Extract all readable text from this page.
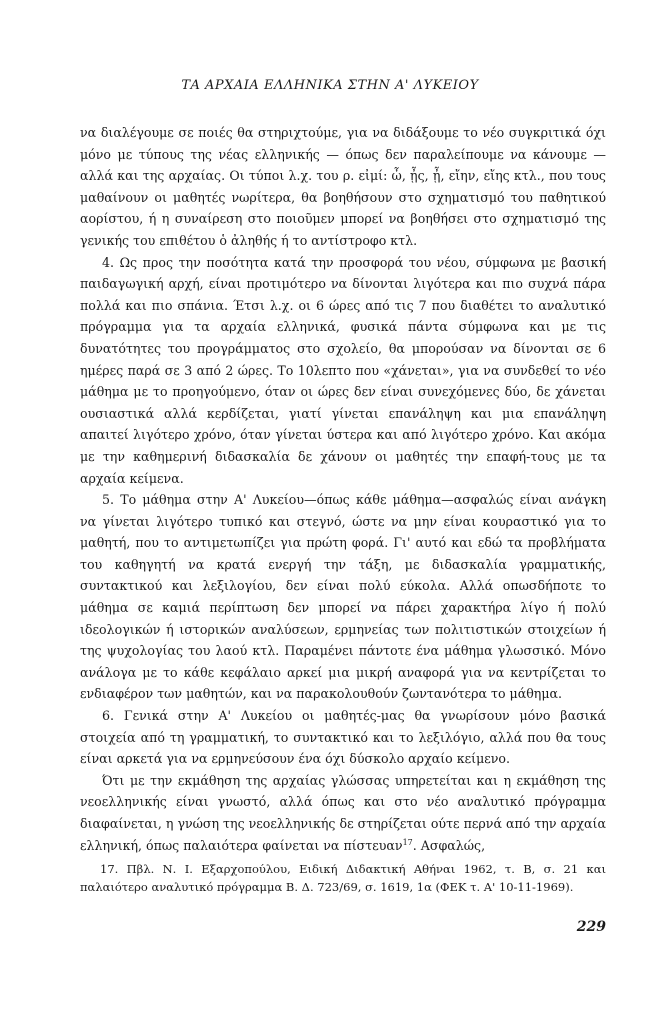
ΤΑ ΑΡΧΑΙΑ ΕΛΛΗΝΙΚΑ ΣΤΗΝ Α' ΛΥΚΕΙΟΥ

να διαλέγουμε σε ποιές θα στηριχτούμε, για να διδάξουμε το νέο συγκριτικά όχι μόνο με τύπους της νέας ελληνικής — όπως δεν παραλείπουμε να κάνουμε — αλλά και της αρχαίας. Οι τύποι λ.χ. του ρ. εἰμί: ὦ, ᾖς, ᾖ, εἴην, εἴης κτλ., που τους μαθαίνουν οι μαθητές νωρίτερα, θα βοηθήσουν στο σχηματισμό του παθητικού αορίστου, ή η συναίρεση στο ποιοῦμεν μπορεί να βοηθήσει στο σχηματισμό της γενικής του επιθέτου ὁ ἀληθής ή το αντίστροφο κτλ.

4. Ως προς την ποσότητα κατά την προσφορά του νέου, σύμφωνα με βασική παιδαγωγική αρχή, είναι προτιμότερο να δίνονται λιγότερα και πιο συχνά πάρα πολλά και πιο σπάνια. Έτσι λ.χ. οι 6 ώρες από τις 7 που διαθέτει το αναλυτικό πρόγραμμα για τα αρχαία ελληνικά, φυσικά πάντα σύμφωνα και με τις δυνατότητες του προγράμματος στο σχολείο, θα μπορούσαν να δίνονται σε 6 ημέρες παρά σε 3 από 2 ώρες. Το 10λεπτο που «χάνεται», για να συνδεθεί το νέο μάθημα με το προηγούμενο, όταν οι ώρες δεν είναι συνεχόμενες δύο, δε χάνεται ουσιαστικά αλλά κερδίζεται, γιατί γίνεται επανάληψη και μια επανάληψη απαιτεί λιγότερο χρόνο, όταν γίνεται ύστερα και από λιγότερο χρόνο. Και ακόμα με την καθημερινή διδασκαλία δε χάνουν οι μαθητές την επαφή-τους με τα αρχαία κείμενα.

5. Το μάθημα στην Α' Λυκείου—όπως κάθε μάθημα—ασφαλώς είναι ανάγκη να γίνεται λιγότερο τυπικό και στεγνό, ώστε να μην είναι κουραστικό για το μαθητή, που το αντιμετωπίζει για πρώτη φορά. Γι' αυτό και εδώ τα προβλήματα του καθηγητή να κρατά ενεργή την τάξη, με διδασκαλία γραμματικής, συντακτικού και λεξιλογίου, δεν είναι πολύ εύκολα. Αλλά οπωσδήποτε το μάθημα σε καμιά περίπτωση δεν μπορεί να πάρει χαρακτήρα λίγο ή πολύ ιδεολογικών ή ιστορικών αναλύσεων, ερμηνείας των πολιτιστικών στοιχείων ή της ψυχολογίας του λαού κτλ. Παραμένει πάντοτε ένα μάθημα γλωσσικό. Μόνο ανάλογα με το κάθε κεφάλαιο αρκεί μια μικρή αναφορά για να κεντρίζεται το ενδιαφέρον των μαθητών, και να παρακολουθούν ζωντανότερα το μάθημα.

6. Γενικά στην Α' Λυκείου οι μαθητές-μας θα γνωρίσουν μόνο βασικά στοιχεία από τη γραμματική, το συντακτικό και το λεξιλόγιο, αλλά που θα τους είναι αρκετά για να ερμηνεύσουν ένα όχι δύσκολο αρχαίο κείμενο.

Ότι με την εκμάθηση της αρχαίας γλώσσας υπηρετείται και η εκμάθηση της νεοελληνικής είναι γνωστό, αλλά όπως και στο νέο αναλυτικό πρόγραμμα διαφαίνεται, η γνώση της νεοελληνικής δε στηρίζεται ούτε περνά από την αρχαία ελληνική, όπως παλαιότερα φαίνεται να πίστευαν$^{17}$. Ασφαλώς,

17. Πβλ. Ν. Ι. Εξαρχοπούλου, Ειδική Διδακτική Αθήναι 1962, τ. Β, σ. 21 και παλαιότερο αναλυτικό πρόγραμμα Β. Δ. 723/69, σ. 1619, 1α (ΦΕΚ τ. Α' 10-11-1969).

229
